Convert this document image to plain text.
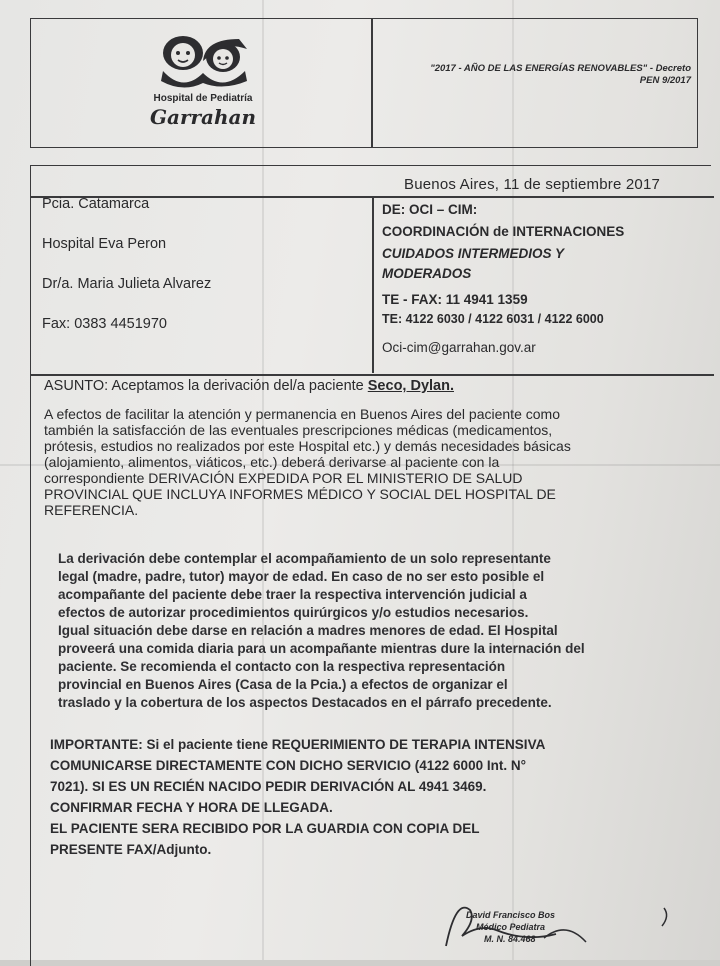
Hospital de Pediatría
Garrahan
"2017 - AÑO DE LAS ENERGÍAS RENOVABLES" - Decreto
PEN 9/2017
Buenos Aires, 11 de septiembre 2017
Pcia. Catamarca
Hospital Eva Peron
Dr/a. Maria Julieta Alvarez
Fax: 0383 4451970
DE: OCI – CIM:
COORDINACIÓN de INTERNACIONES
CUIDADOS INTERMEDIOS Y
MODERADOS
TE - FAX: 11 4941 1359
TE: 4122 6030 / 4122 6031 / 4122 6000
Oci-cim@garrahan.gov.ar
ASUNTO: Aceptamos la derivación del/a paciente Seco, Dylan.
A efectos de facilitar la atención y permanencia en Buenos Aires del paciente como
también la satisfacción de las eventuales prescripciones médicas (medicamentos,
prótesis, estudios no realizados por este Hospital etc.) y demás necesidades básicas
(alojamiento, alimentos, viáticos, etc.) deberá derivarse al paciente con la
correspondiente DERIVACIÓN EXPEDIDA POR EL MINISTERIO DE SALUD
PROVINCIAL QUE INCLUYA INFORMES MÉDICO Y SOCIAL DEL HOSPITAL DE
REFERENCIA.
La derivación debe contemplar el acompañamiento de un solo representante
legal (madre, padre, tutor) mayor de edad. En caso de no ser esto posible el
acompañante del paciente debe traer la respectiva intervención judicial a
efectos de autorizar procedimientos quirúrgicos y/o estudios necesarios.
Igual situación debe darse en relación a madres menores de edad. El Hospital
proveerá una comida diaria para un acompañante mientras dure la internación del
paciente. Se recomienda el contacto con la respectiva representación
provincial en Buenos Aires (Casa de la Pcia.) a efectos de organizar el
traslado y la cobertura de los aspectos Destacados en el párrafo precedente.
IMPORTANTE: Si el paciente tiene REQUERIMIENTO DE TERAPIA INTENSIVA
COMUNICARSE DIRECTAMENTE CON DICHO SERVICIO (4122 6000 Int. N°
7021). SI ES UN RECIÉN NACIDO PEDIR DERIVACIÓN AL 4941 3469.
CONFIRMAR FECHA Y HORA DE LLEGADA.
EL PACIENTE SERA RECIBIDO POR LA GUARDIA CON COPIA DEL
PRESENTE FAX/Adjunto.
David Francisco Bos
Médico Pediatra
M. N. 84.468
